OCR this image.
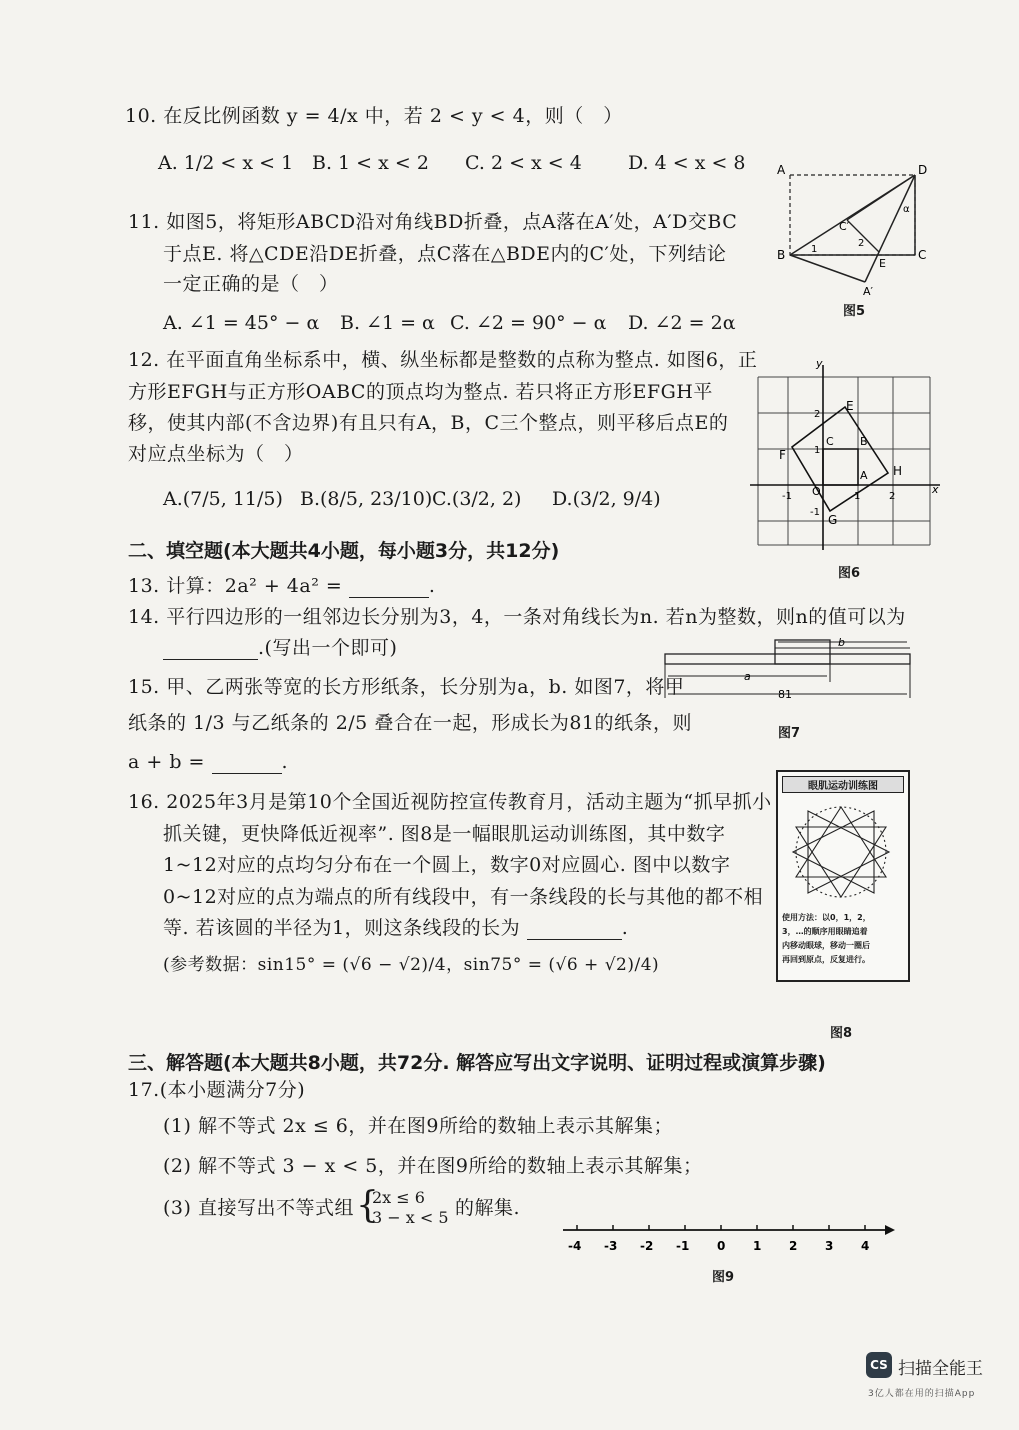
10. 在反比例函数 y = 4/x 中，若 2 < y < 4，则（　）
A. 1/2 < x < 1 B. 1 < x < 2 C. 2 < x < 4 D. 4 < x < 8
11. 如图5，将矩形ABCD沿对角线BD折叠，点A落在A′处，A′D交BC
于点E. 将△CDE沿DE折叠，点C落在△BDE内的C′处，下列结论
一定正确的是（　）
A. ∠1 = 45° − α B. ∠1 = α C. ∠2 = 90° − α D. ∠2 = 2α
A	D
B	C
C′
E
A′
1
2
α
图5
12. 在平面直角坐标系中，横、纵坐标都是整数的点称为整点. 如图6，正
方形EFGH与正方形OABC的顶点均为整点. 若只将正方形EFGH平
移，使其内部(不含边界)有且只有A，B，C三个整点，则平移后点E的
对应点坐标为（　）
A.(7/5, 11/5) B.(8/5, 23/10) C.(3/2, 2) D.(3/2, 9/4)
y
x
E
F
G
H
A
B
C
O
2
1
-1
-1	1	2
图6
二、填空题(本大题共4小题，每小题3分，共12分)
13. 计算：2a² + 4a² =	.
14. 平行四边形的一组邻边长分别为3，4，一条对角线长为n. 若n为整数，则n的值可以为
.(写出一个即可)	b
a
81
图7
15. 甲、乙两张等宽的长方形纸条，长分别为a，b. 如图7，将甲
纸条的 1/3 与乙纸条的 2/5 叠合在一起，形成长为81的纸条，则
a + b =	.
16. 2025年3月是第10个全国近视防控宣传教育月，活动主题为“抓早抓小
抓关键，更快降低近视率”. 图8是一幅眼肌运动训练图，其中数字
1~12对应的点均匀分布在一个圆上，数字0对应圆心. 图中以数字
0~12对应的点为端点的所有线段中，有一条线段的长与其他的都不相
等. 若该圆的半径为1，则这条线段的长为	.
(参考数据：sin15° = (√6 − √2)/4，sin75° = (√6 + √2)/4)
眼肌运动训练图
使用方法：以0，1，2，
3，…的顺序用眼睛追着
内移动眼球，移动一圈后
再回到原点，反复进行。
图8
三、解答题(本大题共8小题，共72分. 解答应写出文字说明、证明过程或演算步骤)
17.(本小题满分7分)
(1) 解不等式 2x ≤ 6，并在图9所给的数轴上表示其解集；
(2) 解不等式 3 − x < 5，并在图9所给的数轴上表示其解集；
(3) 直接写出不等式组 {
2x ≤ 6
3 − x < 5 的解集.
-4 -3 -2 -1 0 1 2 3 4
图9
CS 扫描全能王
3亿人都在用的扫描App
